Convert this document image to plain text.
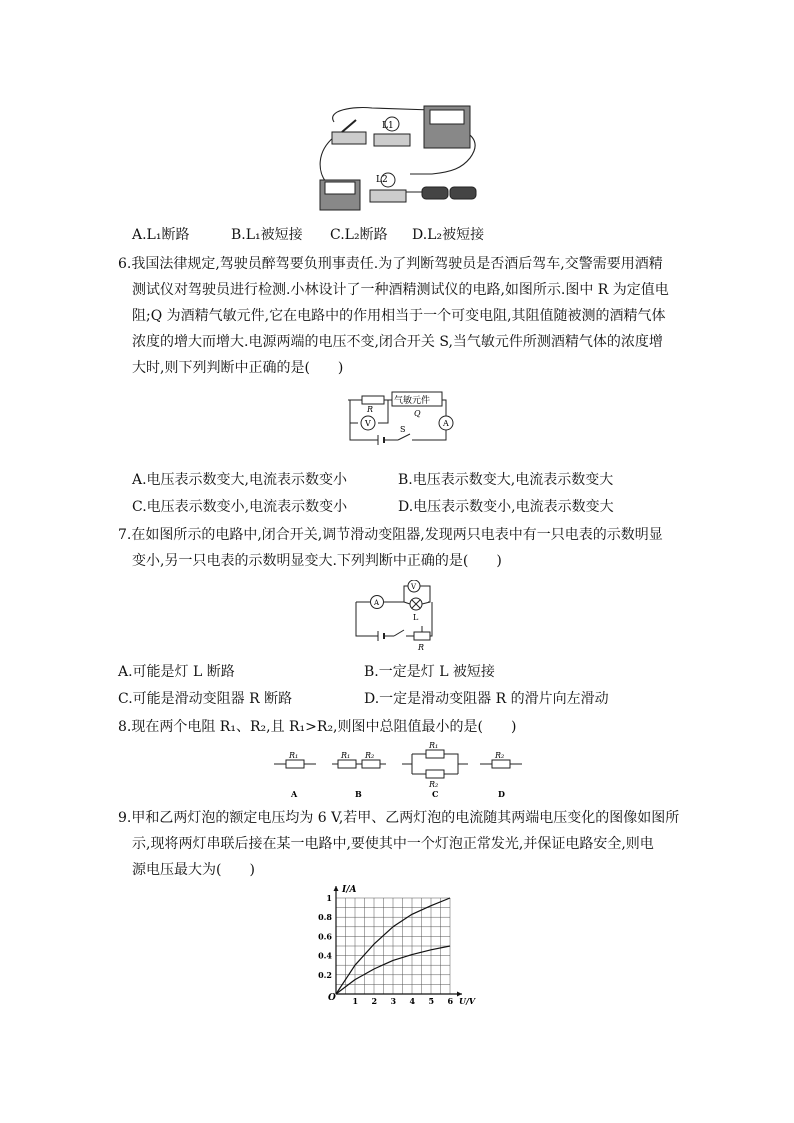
L1
L2
A.L₁断路	B.L₁被短接 C.L₂断路 D.L₂被短接
6.我国法律规定,驾驶员醉驾要负刑事责任.为了判断驾驶员是否酒后驾车,交警需要用酒精
测试仪对驾驶员进行检测.小林设计了一种酒精测试仪的电路,如图所示.图中 R 为定值电
阻;Q 为酒精气敏元件,它在电路中的作用相当于一个可变电阻,其阻值随被测的酒精气体
浓度的增大而增大.电源两端的电压不变,闭合开关 S,当气敏元件所测酒精气体的浓度增
大时,则下列判断中正确的是(　　)
R
气敏元件
Q
V	A
S
A.电压表示数变大,电流表示数变小	B.电压表示数变大,电流表示数变大
C.电压表示数变小,电流表示数变小	D.电压表示数变小,电流表示数变大
7.在如图所示的电路中,闭合开关,调节滑动变阻器,发现两只电表中有一只电表的示数明显
变小,另一只电表的示数明显变大.下列判断中正确的是(　　)
A
V
L
R
A.可能是灯 L 断路	B.一定是灯 L 被短接
C.可能是滑动变阻器 R 断路	D.一定是滑动变阻器 R 的滑片向左滑动
8.现在两个电阻 R₁、R₂,且 R₁>R₂,则图中总阻值最小的是(　　)
R₁	R₁ R₂
R₁
R₂
R₂
A	B	C	D
9.甲和乙两灯泡的额定电压均为 6 V,若甲、乙两灯泡的电流随其两端电压变化的图像如图所
示,现将两灯串联后接在某一电路中,要使其中一个灯泡正常发光,并保证电路安全,则电
源电压最大为(　　)
1 2 3 4 5 6
0.2
0.4
0.6
0.8
1
I/A
U/V
O
